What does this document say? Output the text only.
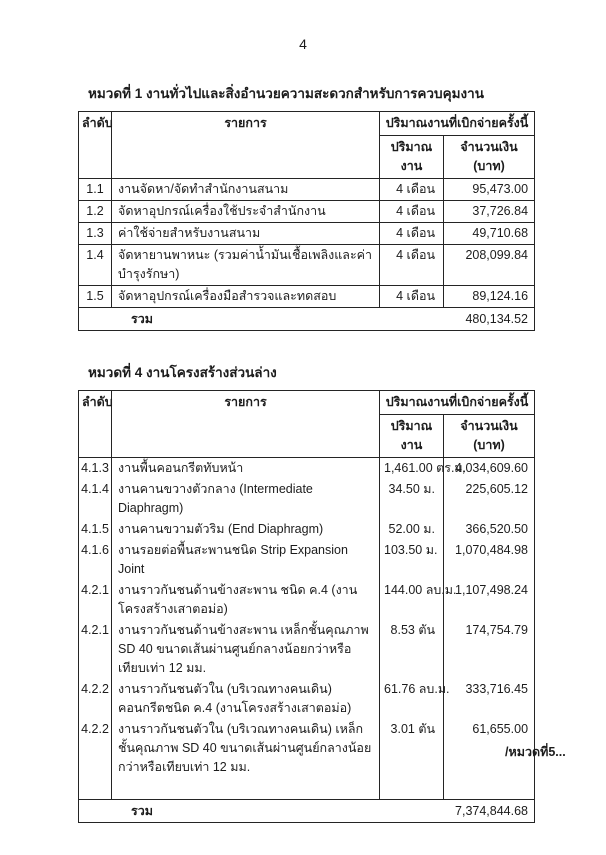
4
หมวดที่ 1 งานทั่วไปและสิ่งอำนวยความสะดวกสำหรับการควบคุมงาน
ลำดับ	รายการ	ปริมาณงานที่เบิกจ่ายครั้งนี้	
		ปริมาณงาน	จำนวนเงิน (บาท)
1.1	งานจัดหา/จัดทำสำนักงานสนาม	4 เดือน	95,473.00
1.2	จัดหาอุปกรณ์เครื่องใช้ประจำสำนักงาน	4 เดือน	37,726.84
1.3	ค่าใช้จ่ายสำหรับงานสนาม	4 เดือน	49,710.68
1.4	จัดหายานพาหนะ (รวมค่าน้ำมันเชื้อเพลิงและค่าบำรุงรักษา)	4 เดือน	208,099.84
1.5	จัดหาอุปกรณ์เครื่องมือสำรวจและทดสอบ	4 เดือน	89,124.16
รวม			480,134.52
หมวดที่ 4 งานโครงสร้างส่วนล่าง
ลำดับ	รายการ	ปริมาณงานที่เบิกจ่ายครั้งนี้	
		ปริมาณงาน	จำนวนเงิน (บาท)
4.1.3	งานพื้นคอนกรีตทับหน้า	1,461.00 ตร.ม.	4,034,609.60
4.1.4	งานคานขวางตัวกลาง (Intermediate Diaphragm)	34.50 ม.	225,605.12
4.1.5	งานคานขวามตัวริม (End Diaphragm)	52.00 ม.	366,520.50
4.1.6	งานรอยต่อพื้นสะพานชนิด Strip Expansion Joint	103.50 ม.	1,070,484.98
4.2.1	งานราวกันชนด้านข้างสะพาน ชนิด ค.4 (งานโครงสร้างเสาตอม่อ)	144.00 ลบ.ม.	1,107,498.24
4.2.1	งานราวกันชนด้านข้างสะพาน เหล็กชั้นคุณภาพ SD 40 ขนาดเส้นผ่านศูนย์กลางน้อยกว่าหรือเทียบเท่า 12 มม.	8.53 ตัน	174,754.79
4.2.2	งานราวกันชนตัวใน (บริเวณทางคนเดิน) คอนกรีตชนิด ค.4 (งานโครงสร้างเสาตอม่อ)	61.76 ลบ.ม.	333,716.45
4.2.2	งานราวกันชนตัวใน (บริเวณทางคนเดิน) เหล็กชั้นคุณภาพ SD 40 ขนาดเส้นผ่านศูนย์กลางน้อยกว่าหรือเทียบเท่า 12 มม.	3.01 ตัน	61,655.00
รวม			7,374,844.68
/หมวดที่5...
